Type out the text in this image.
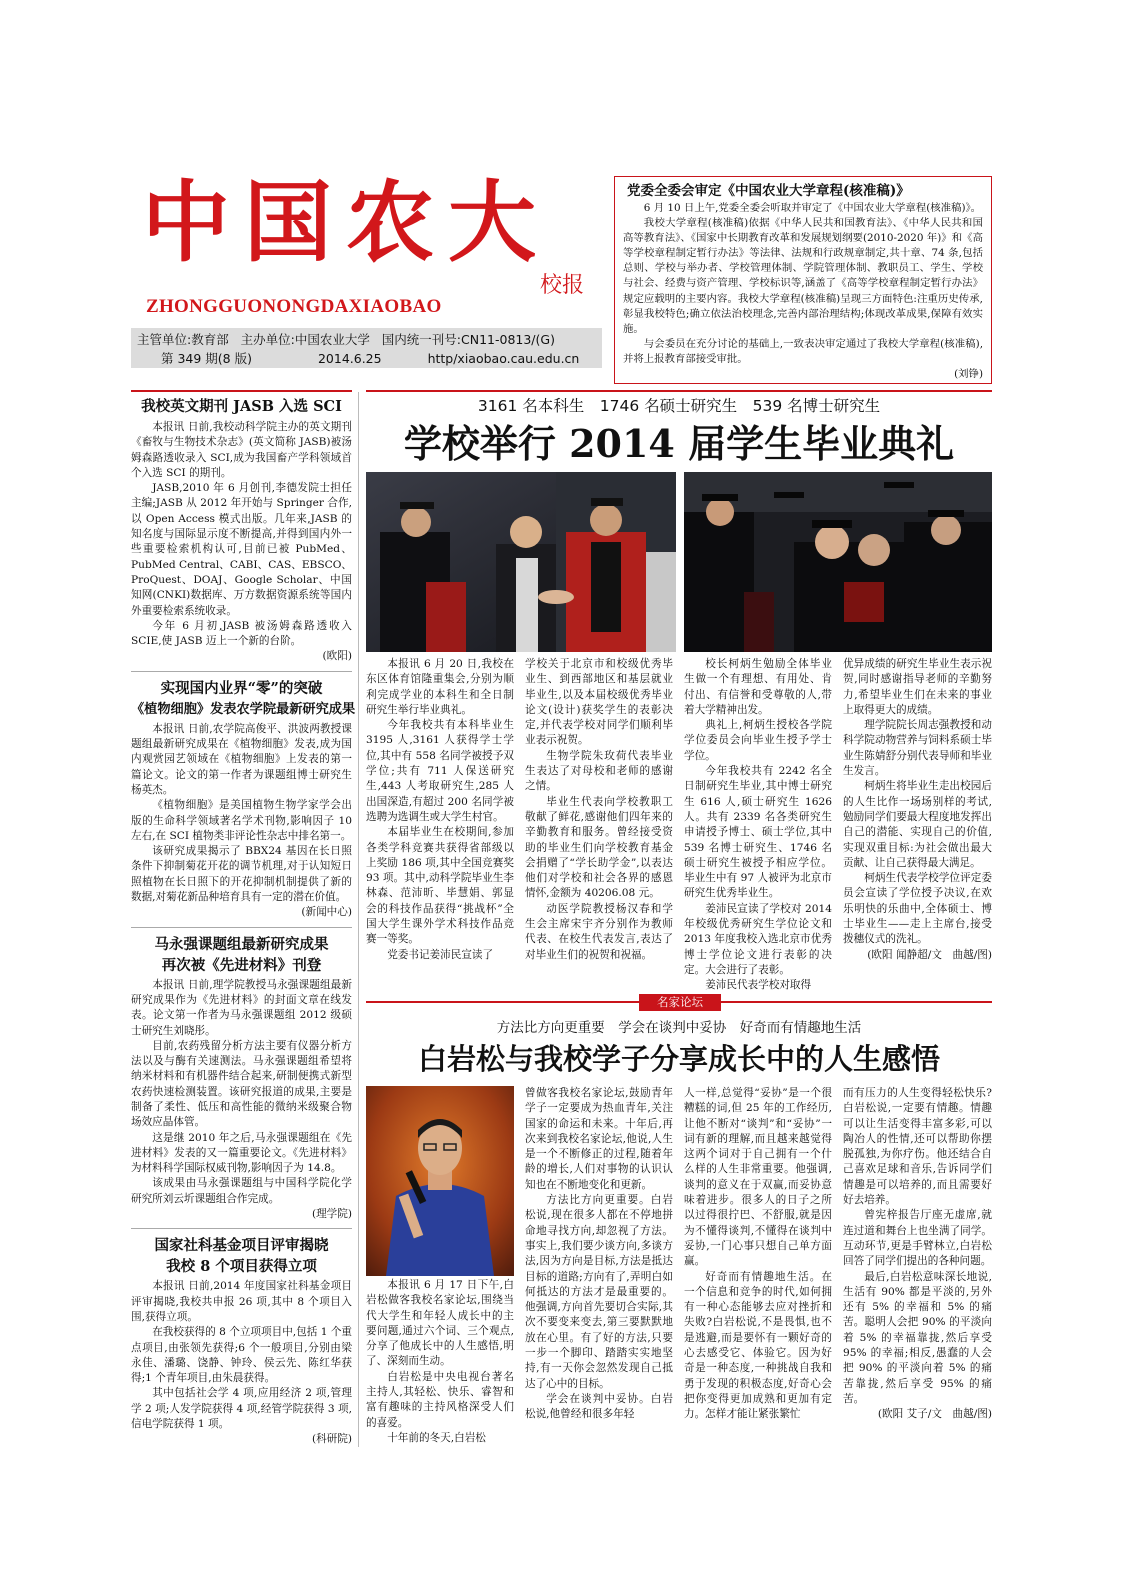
中国农大
校报
ZHONGGUONONGDAXIAOBAO
主管单位:教育部 主办单位:中国农业大学 国内统一刊号:CN11-0813/(G)
第 349 期(8 版)	2014.6.25	http/xiaobao.cau.edu.cn
党委全委会审定《中国农业大学章程(核准稿)》

6 月 10 日上午,党委全委会听取并审定了《中国农业大学章程(核准稿)》。

我校大学章程(核准稿)依据《中华人民共和国教育法》、《中华人民共和国高等教育法》、《国家中长期教育改革和发展规划纲要(2010-2020 年)》和《高等学校章程制定暂行办法》等法律、法规和行政规章制定,共十章、74 条,包括总则、学校与举办者、学校管理体制、学院管理体制、教职员工、学生、学校与社会、经费与资产管理、学校标识等,涵盖了《高等学校章程制定暂行办法》规定应载明的主要内容。我校大学章程(核准稿)呈现三方面特色:注重历史传承,彰显我校特色;确立依法治校理念,完善内部治理结构;体现改革成果,保障有效实施。

与会委员在充分讨论的基础上,一致表决审定通过了我校大学章程(核准稿),并将上报教育部接受审批。

(刘铮)
我校英文期刊 JASB 入选 SCI

本报讯 日前,我校动科学院主办的英文期刊《畜牧与生物技术杂志》(英文简称 JASB)被汤姆森路透收录入 SCI,成为我国畜产学科领域首个入选 SCI 的期刊。

JASB,2010 年 6 月创刊,李德发院士担任主编;JASB 从 2012 年开始与 Springer 合作,以 Open Access 模式出版。几年来,JASB 的知名度与国际显示度不断提高,并得到国内外一些重要检索机构认可,目前已被 PubMed、PubMed Central、CABI、CAS、EBSCO、ProQuest、DOAJ、Google Scholar、中国知网(CNKI)数据库、万方数据资源系统等国内外重要检索系统收录。

今年 6 月初,JASB 被汤姆森路透收入 SCIE,使 JASB 迈上一个新的台阶。

(欧阳)
实现国内业界“零”的突破
《植物细胞》发表农学院最新研究成果

本报讯 日前,农学院高俊平、洪波两教授课题组最新研究成果在《植物细胞》发表,成为国内观赏园艺领域在《植物细胞》上发表的第一篇论文。论文的第一作者为课题组博士研究生杨英杰。

《植物细胞》是美国植物生物学家学会出版的生命科学领域著名学术刊物,影响因子 10 左右,在 SCI 植物类非评论性杂志中排名第一。

该研究成果揭示了 BBX24 基因在长日照条件下抑制菊花开花的调节机理,对于认知短日照植物在长日照下的开花抑制机制提供了新的数据,对菊花新品种培育具有一定的潜在价值。

(新闻中心)
马永强课题组最新研究成果
再次被《先进材料》刊登

本报讯 日前,理学院教授马永强课题组最新研究成果作为《先进材料》的封面文章在线发表。论文第一作者为马永强课题组 2012 级硕士研究生刘晓彤。

目前,农药残留分析方法主要有仪器分析方法以及与酶有关速测法。马永强课题组希望将纳米材料和有机器件结合起来,研制便携式新型农药快速检测装置。该研究报道的成果,主要是制备了柔性、低压和高性能的微纳米级聚合物场效应晶体管。

这是继 2010 年之后,马永强课题组在《先进材料》发表的又一篇重要论文。《先进材料》为材料科学国际权威刊物,影响因子为 14.8。

该成果由马永强课题组与中国科学院化学研究所刘云圻课题组合作完成。

(理学院)
国家社科基金项目评审揭晓
我校 8 个项目获得立项

本报讯 日前,2014 年度国家社科基金项目评审揭晓,我校共申报 26 项,其中 8 个项目入围,获得立项。

在我校获得的 8 个立项项目中,包括 1 个重点项目,由张领先获得;6 个一般项目,分别由梁永佳、潘璐、饶静、钟玲、侯云先、陈红华获得;1 个青年项目,由朱晨获得。

其中包括社会学 4 项,应用经济 2 项,管理学 2 项;人发学院获得 4 项,经管学院获得 3 项,信电学院获得 1 项。

(科研院)
3161 名本科生　1746 名硕士研究生　539 名博士研究生
学校举行 2014 届学生毕业典礼

本报讯 6 月 20 日,我校在东区体育馆隆重集会,分别为顺利完成学业的本科生和全日制研究生举行毕业典礼。

今年我校共有本科毕业生 3195 人,3161 人获得学士学位,其中有 558 名同学被授予双学位;共有 711 人保送研究生,443 人考取研究生,285 人出国深造,有超过 200 名同学被选聘为选调生或大学生村官。

本届毕业生在校期间,参加各类学科竞赛共获得省部级以上奖励 186 项,其中全国竞赛奖 93 项。其中,动科学院毕业生李林森、范沛昕、毕慧娟、郭显会的科技作品获得“挑战杯”全国大学生课外学术科技作品竞赛一等奖。

党委书记姜沛民宣读了

学校关于北京市和校级优秀毕业生、到西部地区和基层就业毕业生,以及本届校级优秀毕业论文(设计)获奖学生的表彰决定,并代表学校对同学们顺利毕业表示祝贺。

生物学院朱玫荷代表毕业生表达了对母校和老师的感谢之情。

毕业生代表向学校教职工敬献了鲜花,感谢他们四年来的辛勤教育和服务。曾经接受资助的毕业生们向学校教育基金会捐赠了“学长助学金”,以表达他们对学校和社会各界的感恩情怀,金额为 40206.08 元。

动医学院教授杨汉春和学生会主席宋宇齐分别作为教师代表、在校生代表发言,表达了对毕业生们的祝贺和祝福。

校长柯炳生勉励全体毕业生做一个有理想、有用处、肯付出、有信誉和受尊敬的人,带着大学精神出发。

典礼上,柯炳生授校各学院学位委员会向毕业生授予学士学位。

今年我校共有 2242 名全日制研究生毕业,其中博士研究生 616 人,硕士研究生 1626 人。共有 2339 名各类研究生申请授予博士、硕士学位,其中 539 名博士研究生、1746 名硕士研究生被授予相应学位。毕业生中有 97 人被评为北京市研究生优秀毕业生。

姜沛民宣读了学校对 2014 年校级优秀研究生学位论文和 2013 年度我校入选北京市优秀博士学位论文进行表彰的决定。大会进行了表彰。

姜沛民代表学校对取得

优异成绩的研究生毕业生表示祝贺,同时感谢指导老师的辛勤努力,希望毕业生们在未来的事业上取得更大的成绩。

理学院院长周志强教授和动科学院动物营养与饲料系硕士毕业生陈婧舒分别代表导师和毕业生发言。

柯炳生将毕业生走出校园后的人生比作一场场别样的考试,勉励同学们要最大程度地发挥出自己的潜能、实现自己的价值,实现双重目标:为社会做出最大贡献、让自己获得最大满足。

柯炳生代表学校学位评定委员会宣读了学位授予决议,在欢乐明快的乐曲中,全体硕士、博士毕业生——走上主席台,接受拨穗仪式的洗礼。

(欧阳 闻静超/文　曲越/图)
名家论坛
方法比方向更重要　学会在谈判中妥协　好奇而有情趣地生活
白岩松与我校学子分享成长中的人生感悟

本报讯 6 月 17 日下午,白岩松做客我校名家论坛,围绕当代大学生和年轻人成长中的主要问题,通过六个词、三个观点,分享了他成长中的人生感悟,明了、深刻而生动。

白岩松是中央电视台著名主持人,其轻松、快乐、睿智和富有趣味的主持风格深受人们的喜爱。

十年前的冬天,白岩松

曾做客我校名家论坛,鼓励青年学子一定要成为热血青年,关注国家的命运和未来。十年后,再次来到我校名家论坛,他说,人生是一个不断修正的过程,随着年龄的增长,人们对事物的认识认知也在不断地变化和更新。

方法比方向更重要。白岩松说,现在很多人都在不停地拼命地寻找方向,却忽视了方法。事实上,我们要少谈方向,多谈方法,因为方向是目标,方法是抵达目标的道路;方向有了,弄明白如何抵达的方法才是最重要的。他强调,方向首先要切合实际,其次不要变来变去,第三要默默地放在心里。有了好的方法,只要一步一个脚印、踏踏实实地坚持,有一天你会忽然发现自己抵达了心中的目标。

学会在谈判中妥协。白岩松说,他曾经和很多年轻

人一样,总觉得“妥协”是一个很糟糕的词,但 25 年的工作经历,让他不断对“谈判”和“妥协”一词有新的理解,而且越来越觉得这两个词对于自己拥有一个什么样的人生非常重要。他强调,谈判的意义在于双赢,而妥协意味着进步。很多人的日子之所以过得很拧巴、不舒服,就是因为不懂得谈判,不懂得在谈判中妥协,一门心事只想自己单方面赢。

好奇而有情趣地生活。在一个信息和竞争的时代,如何拥有一种心态能够去应对挫折和失败?白岩松说,不是畏惧,也不是逃避,而是要怀有一颗好奇的心去感受它、体验它。因为好奇是一种态度,一种挑战自我和勇于发现的积极态度,好奇心会把你变得更加成熟和更加有定力。怎样才能让紧张繁忙

而有压力的人生变得轻松快乐?白岩松说,一定要有情趣。情趣可以让生活变得丰富多彩,可以陶冶人的性情,还可以帮助你摆脱孤独,为你疗伤。他还结合自己喜欢足球和音乐,告诉同学们情趣是可以培养的,而且需要好好去培养。

曾宪梓报告厅座无虚席,就连过道和舞台上也坐满了同学。互动环节,更是手臂林立,白岩松回答了同学们提出的各种问题。

最后,白岩松意味深长地说,生活有 90% 都是平淡的,另外还有 5% 的幸福和 5% 的痛苦。聪明人会把 90% 的平淡向着 5% 的幸福靠拢,然后享受 95% 的幸福;相反,愚蠢的人会把 90% 的平淡向着 5% 的痛苦靠拢,然后享受 95% 的痛苦。

(欧阳 艾子/文　曲越/图)
